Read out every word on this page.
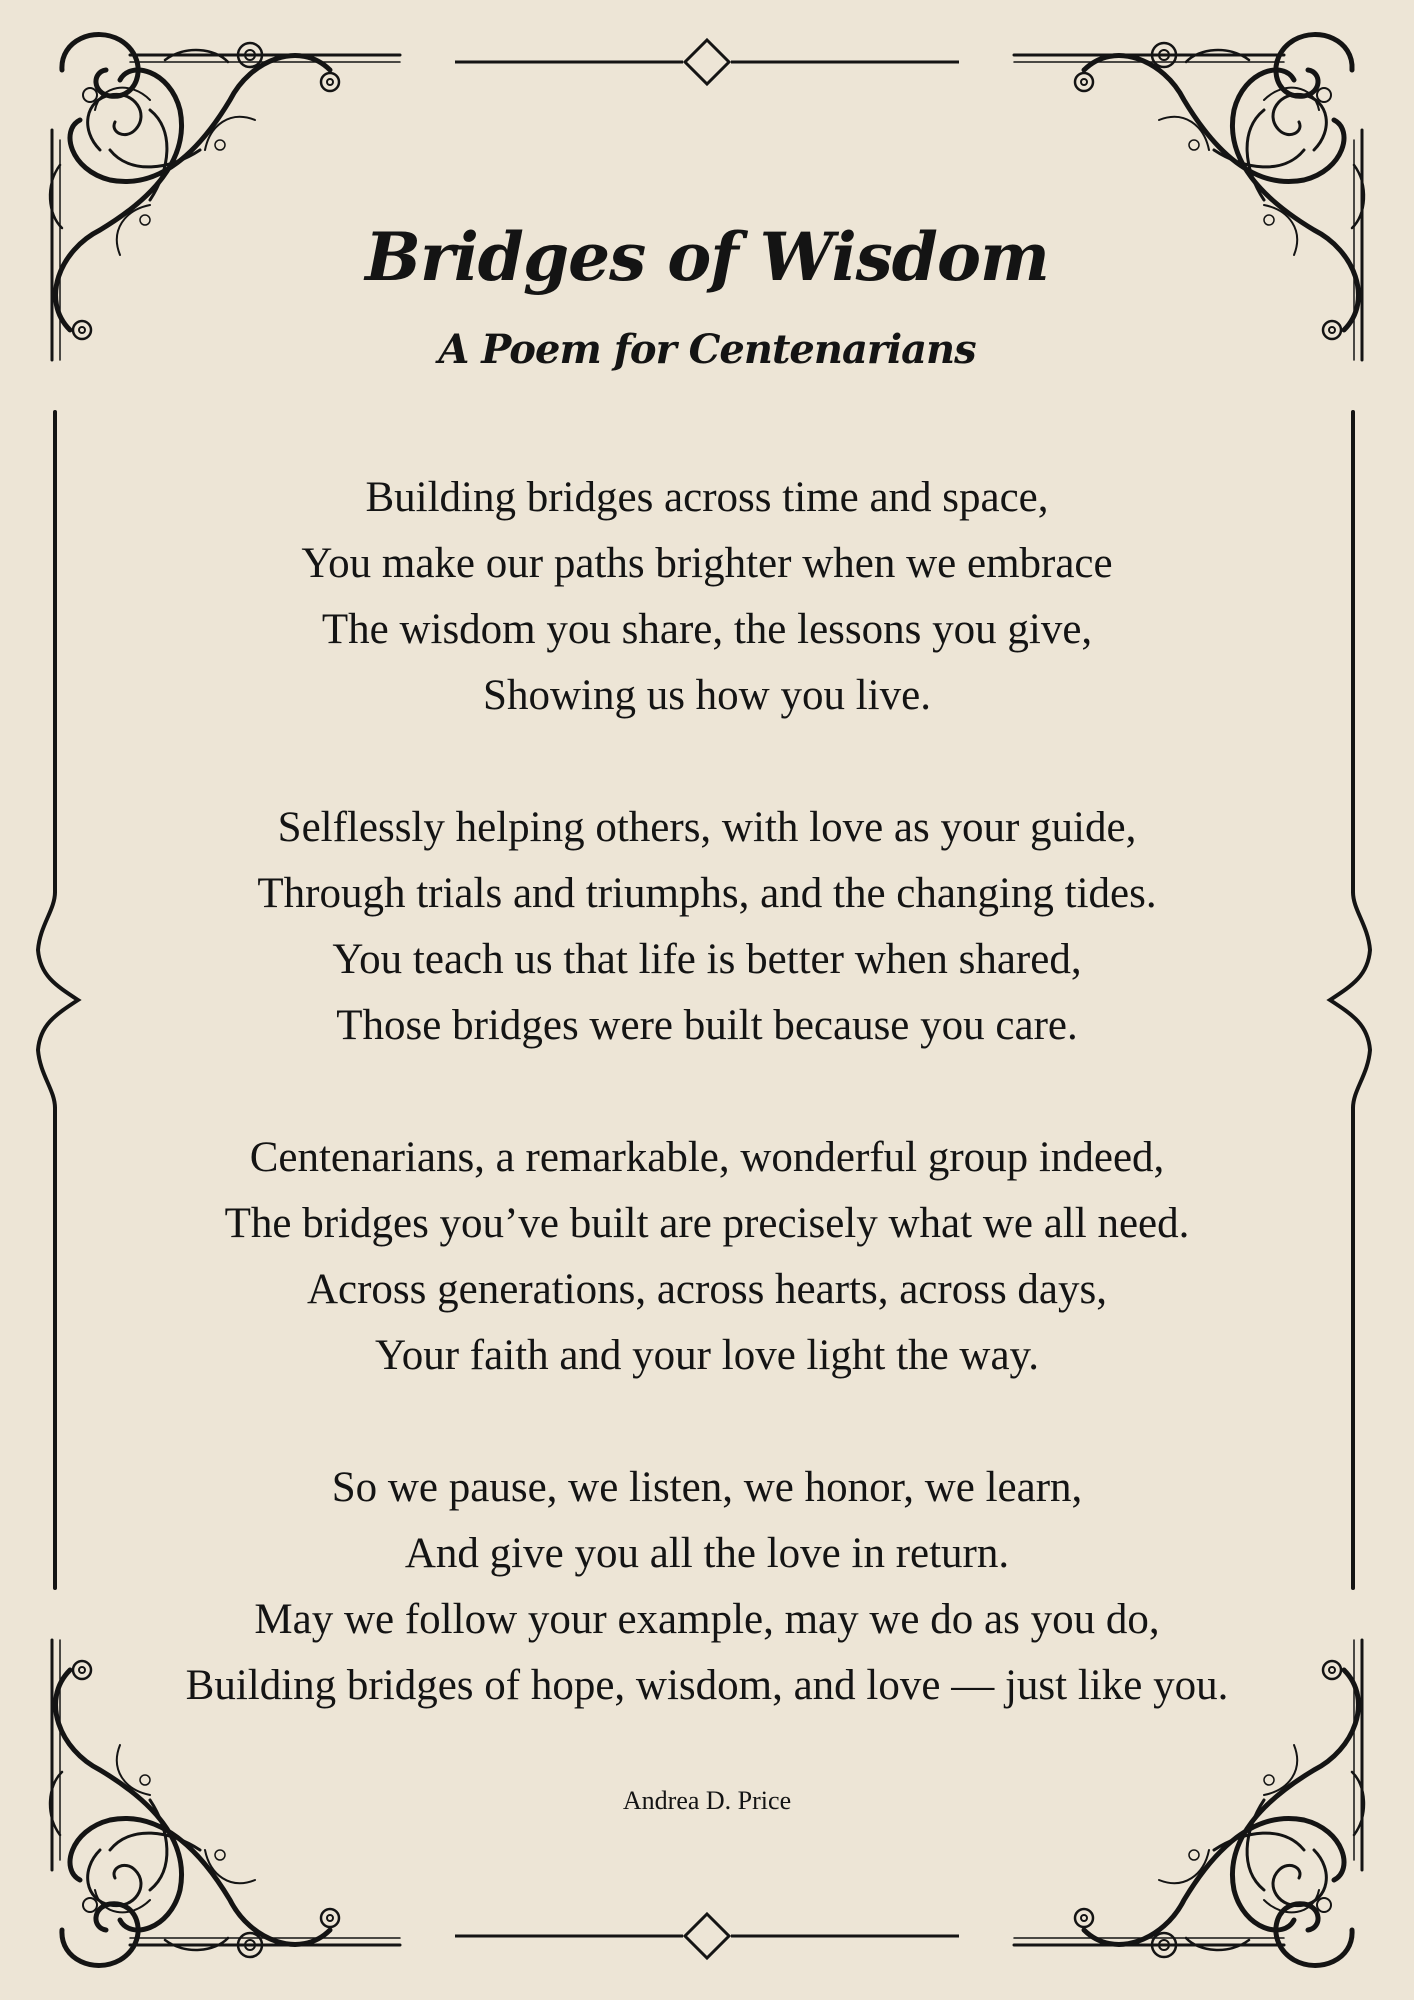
Bridges of Wisdom
A Poem for Centenarians

Building bridges across time and space,
You make our paths brighter when we embrace
The wisdom you share, the lessons you give,
Showing us how you live.

Selflessly helping others, with love as your guide,
Through trials and triumphs, and the changing tides.
You teach us that life is better when shared,
Those bridges were built because you care.

Centenarians, a remarkable, wonderful group indeed,
The bridges you’ve built are precisely what we all need.
Across generations, across hearts, across days,
Your faith and your love light the way.

So we pause, we listen, we honor, we learn,
And give you all the love in return.
May we follow your example, may we do as you do,
Building bridges of hope, wisdom, and love — just like you.

Andrea D. Price
